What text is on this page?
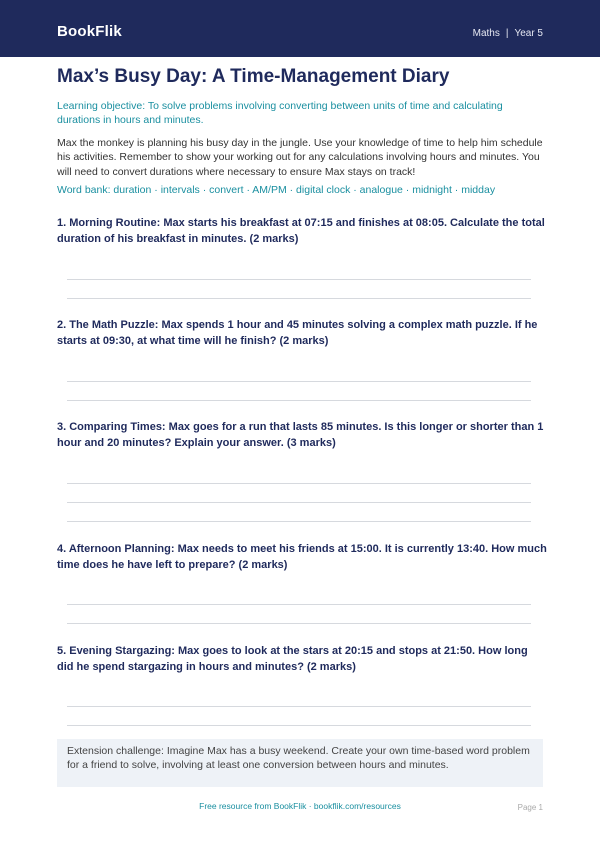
BookFlik	Maths | Year 5
Max’s Busy Day: A Time-Management Diary
Learning objective: To solve problems involving converting between units of time and calculating durations in hours and minutes.
Max the monkey is planning his busy day in the jungle. Use your knowledge of time to help him schedule his activities. Remember to show your working out for any calculations involving hours and minutes. You will need to convert durations where necessary to ensure Max stays on track!
Word bank: duration · intervals · convert · AM/PM · digital clock · analogue · midnight · midday
1. Morning Routine: Max starts his breakfast at 07:15 and finishes at 08:05. Calculate the total duration of his breakfast in minutes. (2 marks)
2. The Math Puzzle: Max spends 1 hour and 45 minutes solving a complex math puzzle. If he starts at 09:30, at what time will he finish? (2 marks)
3. Comparing Times: Max goes for a run that lasts 85 minutes. Is this longer or shorter than 1 hour and 20 minutes? Explain your answer. (3 marks)
4. Afternoon Planning: Max needs to meet his friends at 15:00. It is currently 13:40. How much time does he have left to prepare? (2 marks)
5. Evening Stargazing: Max goes to look at the stars at 20:15 and stops at 21:50. How long did he spend stargazing in hours and minutes? (2 marks)
Extension challenge: Imagine Max has a busy weekend. Create your own time-based word problem for a friend to solve, involving at least one conversion between hours and minutes.
Free resource from BookFlik · bookflik.com/resources	Page 1
